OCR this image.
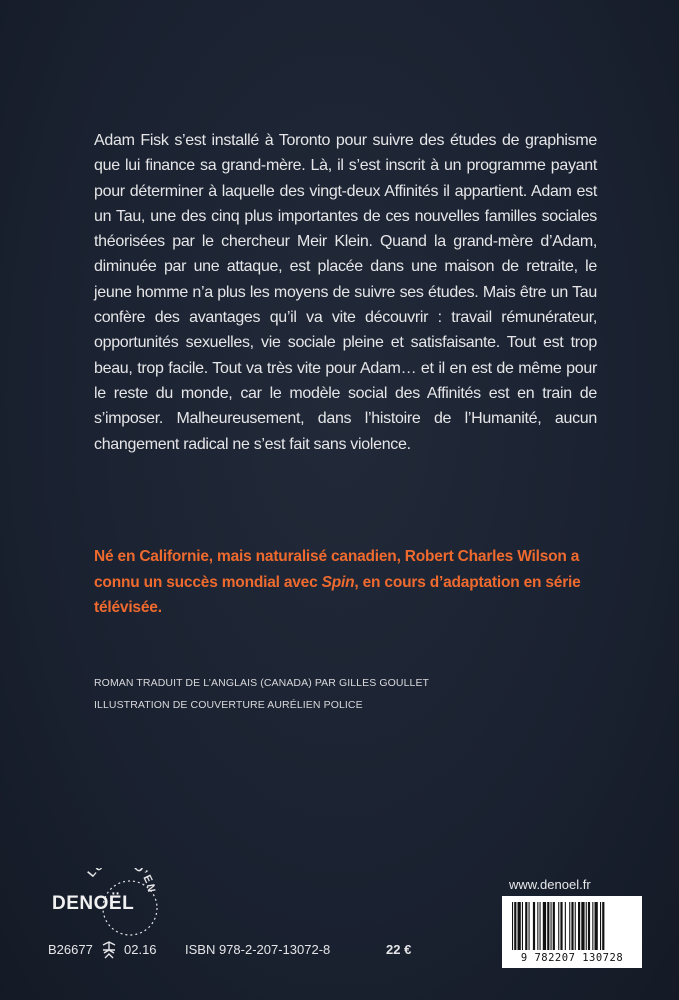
Adam Fisk s’est installé à Toronto pour suivre des études de graphisme que lui finance sa grand-mère. Là, il s’est inscrit à un programme payant pour déterminer à laquelle des vingt-deux Affinités il appartient. Adam est un Tau, une des cinq plus importantes de ces nouvelles familles sociales théorisées par le chercheur Meir Klein. Quand la grand-mère d’Adam, diminuée par une attaque, est placée dans une maison de retraite, le jeune homme n’a plus les moyens de suivre ses études. Mais être un Tau confère des avantages qu’il va vite découvrir : travail rémunérateur, opportunités sexuelles, vie sociale pleine et satisfaisante. Tout est trop beau, trop facile. Tout va très vite pour Adam… et il en est de même pour le reste du monde, car le modèle social des Affinités est en train de s’imposer. Malheureusement, dans l’histoire de l’Humanité, aucun changement radical ne s’est fait sans violence.

Né en Californie, mais naturalisé canadien, Robert Charles Wilson a connu un succès mondial avec Spin, en cours d’adaptation en série télévisée.

ROMAN TRADUIT DE L’ANGLAIS (CANADA) PAR GILLES GOULLET
ILLUSTRATION DE COUVERTURE AURÉLIEN POLICE
L D’EN
DENOËL
www.denoel.fr
9 782207 130728
B26677 02.16 ISBN 978-2-207-13072-8	22 €
